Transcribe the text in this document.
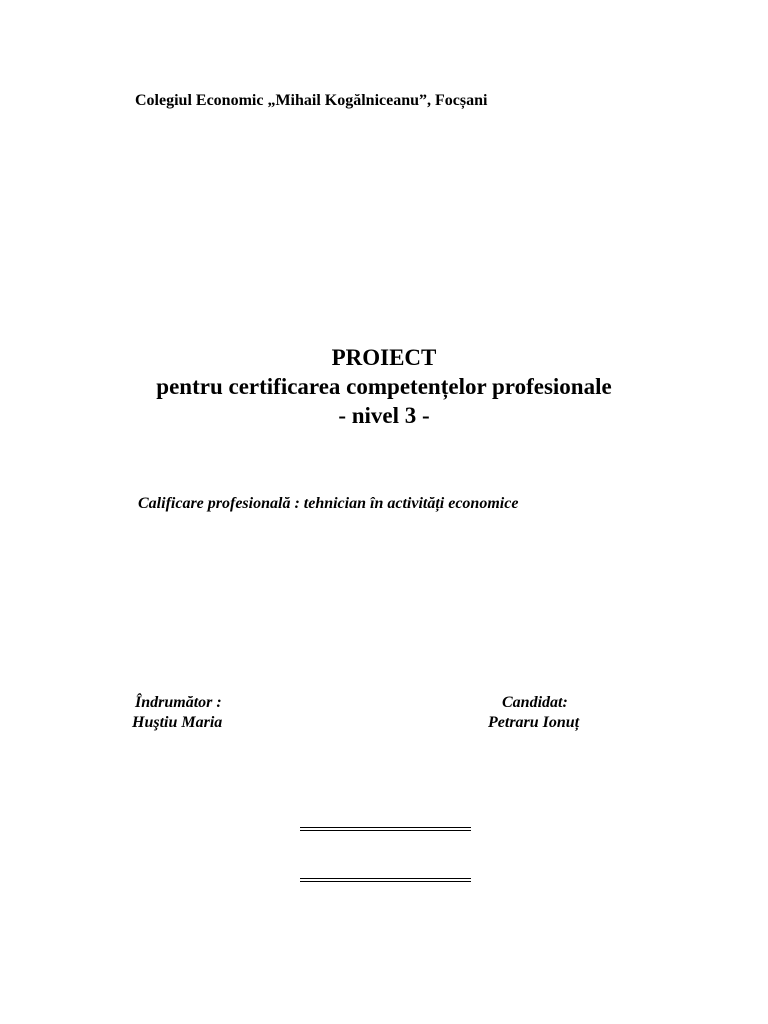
Colegiul Economic „Mihail Kogălniceanu”, Focșani
PROIECT
pentru certificarea competențelor profesionale
- nivel 3 -
Calificare profesională : tehnician în activități economice
Îndrumător :
Huştiu Maria
Candidat:
Petraru Ionuț
